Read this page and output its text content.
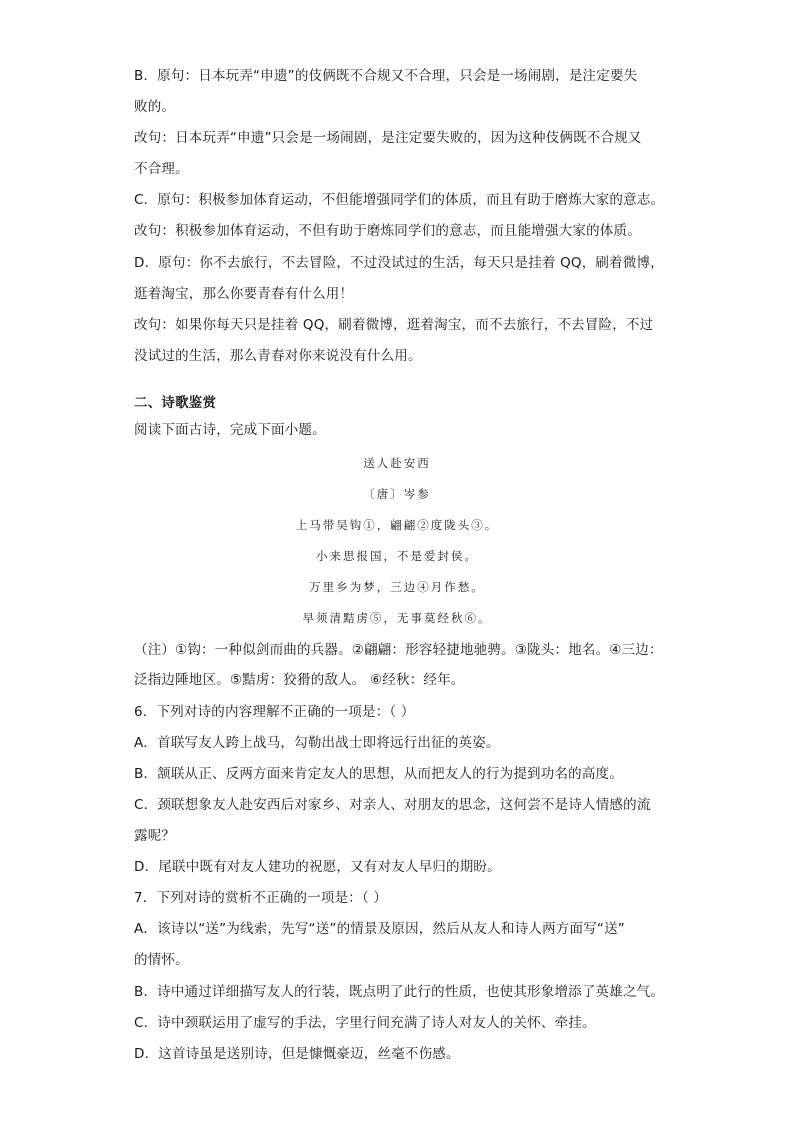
B．原句：日本玩弄“申遗”的伎俩既不合规又不合理，只会是一场闹剧，是注定要失
败的。
改句：日本玩弄“申遗”只会是一场闹剧，是注定要失败的，因为这种伎俩既不合规又
不合理。
C．原句：积极参加体育运动，不但能增强同学们的体质，而且有助于磨炼大家的意志。
改句：积极参加体育运动，不但有助于磨炼同学们的意志，而且能增强大家的体质。
D．原句：你不去旅行，不去冒险，不过没试过的生活，每天只是挂着 QQ，刷着微博，
逛着淘宝，那么你要青春有什么用！
改句：如果你每天只是挂着 QQ，刷着微博，逛着淘宝，而不去旅行，不去冒险，不过
没试过的生活，那么青春对你来说没有什么用。
二、诗歌鉴赏
阅读下面古诗，完成下面小题。
送人赴安西
〔唐〕岑参
上马带吴钩①，翩翩②度陇头③。
小来思报国，不是爱封侯。
万里乡为梦，三边④月作愁。
早须清黠虏⑤，无事莫经秋⑥。
（注）①钩：一种似剑而曲的兵器。②翩翩：形容轻捷地驰骋。③陇头：地名。④三边：
泛指边陲地区。⑤黠虏：狡猾的敌人。 ⑥经秋：经年。
6．下列对诗的内容理解不正确的一项是：（ ）
A．首联写友人跨上战马，勾勒出战士即将远行出征的英姿。
B．颔联从正、反两方面来肯定友人的思想，从而把友人的行为提到功名的高度。
C．颈联想象友人赴安西后对家乡、对亲人、对朋友的思念，这何尝不是诗人情感的流
露呢？
D．尾联中既有对友人建功的祝愿，又有对友人早归的期盼。
7．下列对诗的赏析不正确的一项是：（ ）
A．该诗以“送”为线索，先写“送”的情景及原因，然后从友人和诗人两方面写“送”
的情怀。
B．诗中通过详细描写友人的行装，既点明了此行的性质，也使其形象增添了英雄之气。
C．诗中颈联运用了虚写的手法，字里行间充满了诗人对友人的关怀、牵挂。
D．这首诗虽是送别诗，但是慷慨豪迈，丝毫不伤感。
